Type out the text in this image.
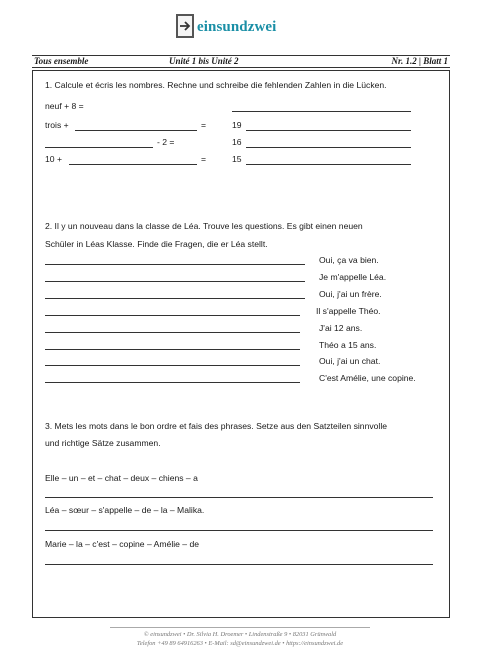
einsundzwei
Tous ensemble	Unité 1 bis Unité 2	Nr. 1.2 | Blatt 1
1. Calcule et écris les nombres. Rechne und schreibe die fehlenden Zahlen in die Lücken.
neuf + 8 =
trois +	=	19
- 2 =	16
10 +	=	15
2. Il y un nouveau dans la classe de Léa. Trouve les questions. Es gibt einen neuen
Schüler in Léas Klasse. Finde die Fragen, die er Léa stellt.
Oui, ça va bien.
Je m'appelle Léa.
Oui, j'ai un frère.
Il s'appelle Théo.
J'ai 12 ans.
Théo a 15 ans.
Oui, j'ai un chat.
C'est Amélie, une copine.
3. Mets les mots dans le bon ordre et fais des phrases. Setze aus den Satzteilen sinnvolle
und richtige Sätze zusammen.
Elle – un – et – chat – deux – chiens – a
Léa – sœur – s'appelle – de – la – Malika.
Marie – la – c'est – copine – Amélie – de
© einsundzwei • Dr. Silvia H. Droemer • Lindenstraße 9 • 82031 Grünwald
Telefon +49 89 64916263 • E-Mail: sd@einsundzwei.de • https://einsundzwei.de
